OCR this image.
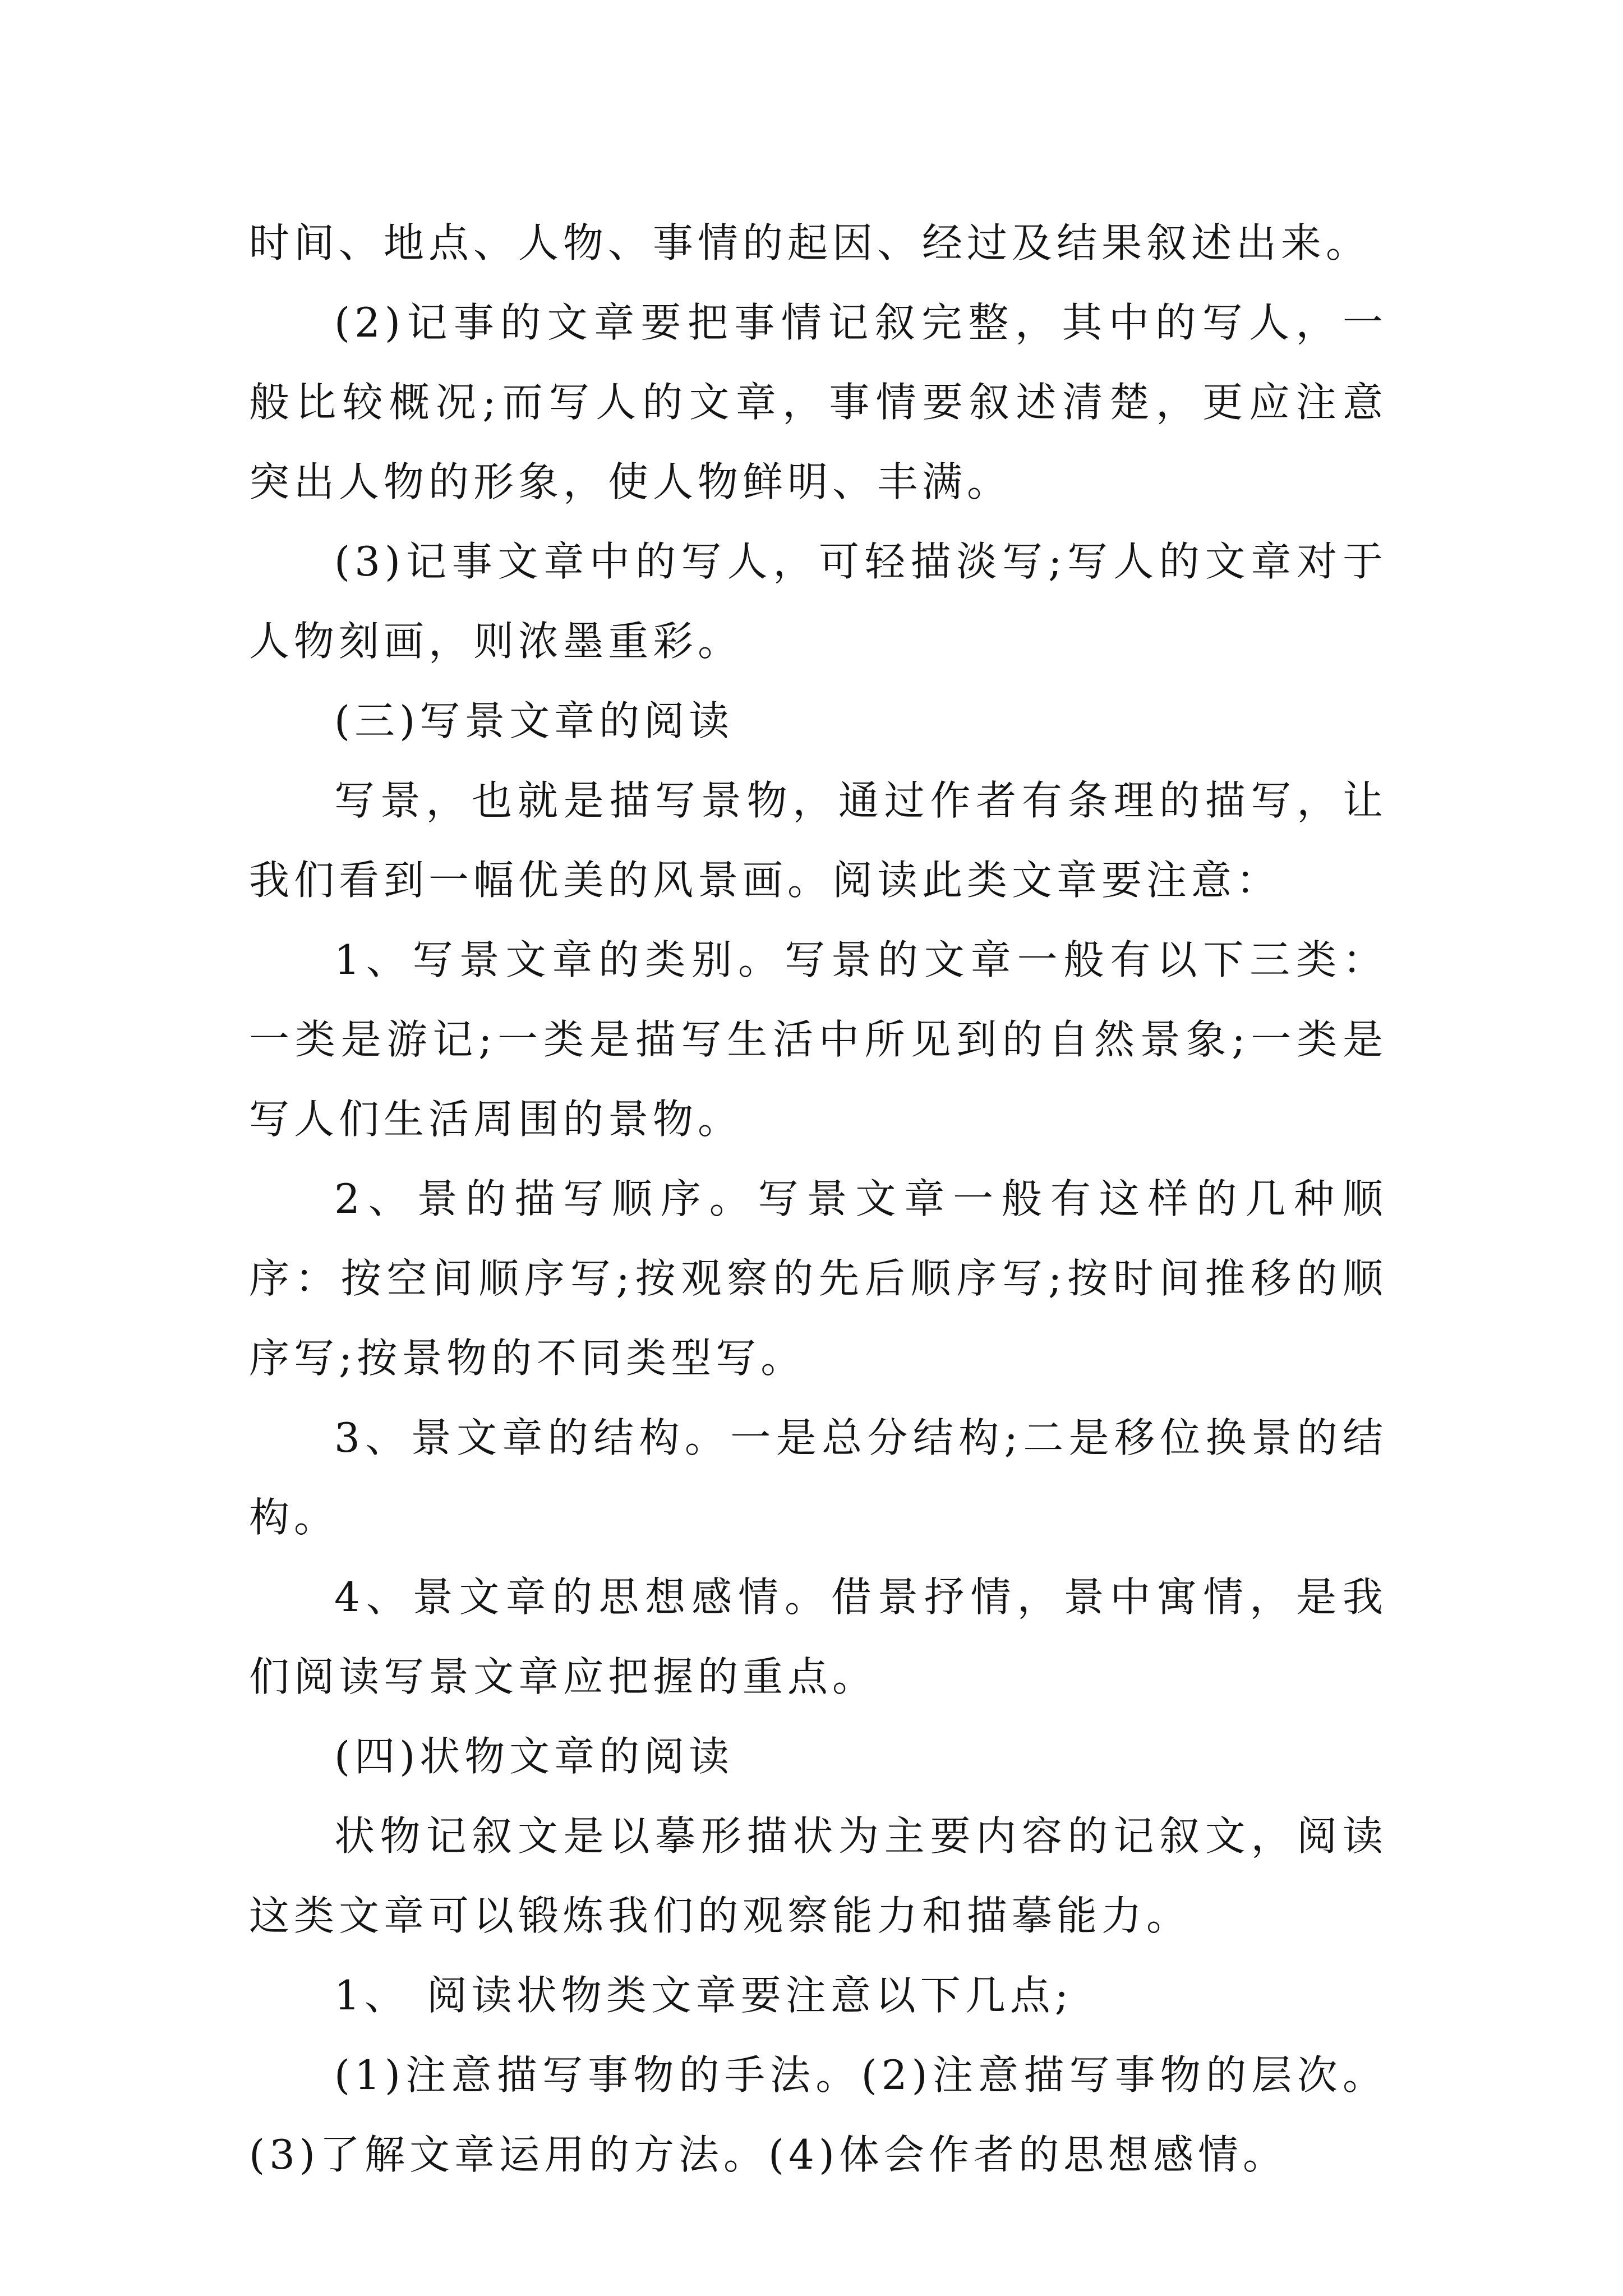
时间、地点、人物、事情的起因、经过及结果叙述出来。

(2)记事的文章要把事情记叙完整，其中的写人，一般比较概况;而写人的文章，事情要叙述清楚，更应注意突出人物的形象，使人物鲜明、丰满。

(3)记事文章中的写人，可轻描淡写;写人的文章对于人物刻画，则浓墨重彩。

(三)写景文章的阅读

写景，也就是描写景物，通过作者有条理的描写，让我们看到一幅优美的风景画。阅读此类文章要注意：

1、写景文章的类别。写景的文章一般有以下三类：一类是游记;一类是描写生活中所见到的自然景象;一类是写人们生活周围的景物。

2、景的描写顺序。写景文章一般有这样的几种顺序：按空间顺序写;按观察的先后顺序写;按时间推移的顺序写;按景物的不同类型写。

3、景文章的结构。一是总分结构;二是移位换景的结构。

4、景文章的思想感情。借景抒情，景中寓情，是我们阅读写景文章应把握的重点。

(四)状物文章的阅读

状物记叙文是以摹形描状为主要内容的记叙文，阅读这类文章可以锻炼我们的观察能力和描摹能力。

1、 阅读状物类文章要注意以下几点;

(1)注意描写事物的手法。(2)注意描写事物的层次。(3)了解文章运用的方法。(4)体会作者的思想感情。
